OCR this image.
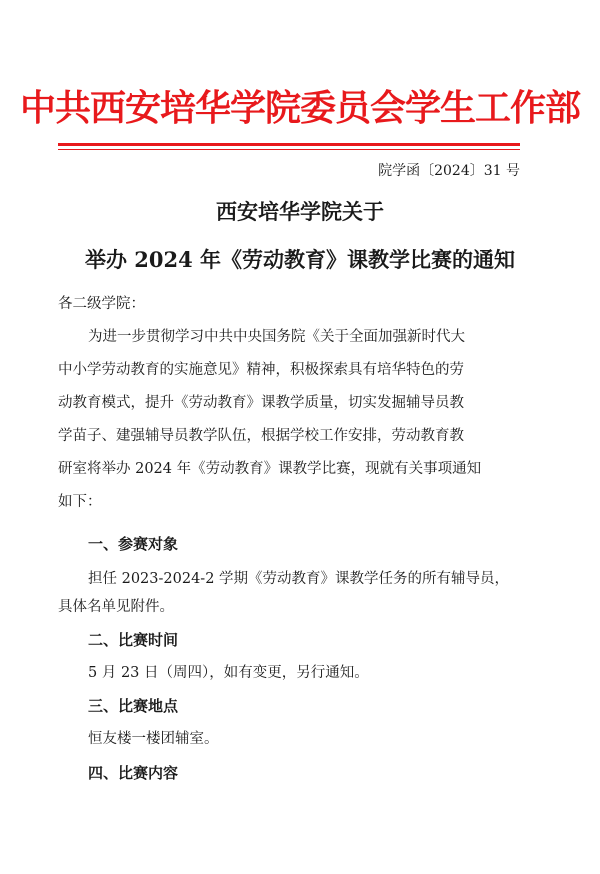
中共西安培华学院委员会学生工作部
院学函〔2024〕31 号
西安培华学院关于
举办 2024 年《劳动教育》课教学比赛的通知
各二级学院：
为进一步贯彻学习中共中央国务院《关于全面加强新时代大
中小学劳动教育的实施意见》精神，积极探索具有培华特色的劳
动教育模式，提升《劳动教育》课教学质量，切实发掘辅导员教
学苗子、建强辅导员教学队伍，根据学校工作安排，劳动教育教
研室将举办 2024 年《劳动教育》课教学比赛，现就有关事项通知
如下：
一、参赛对象
担任 2023-2024-2 学期《劳动教育》课教学任务的所有辅导员，
具体名单见附件。
二、比赛时间
5 月 23 日（周四），如有变更，另行通知。
三、比赛地点
恒友楼一楼团辅室。
四、比赛内容
